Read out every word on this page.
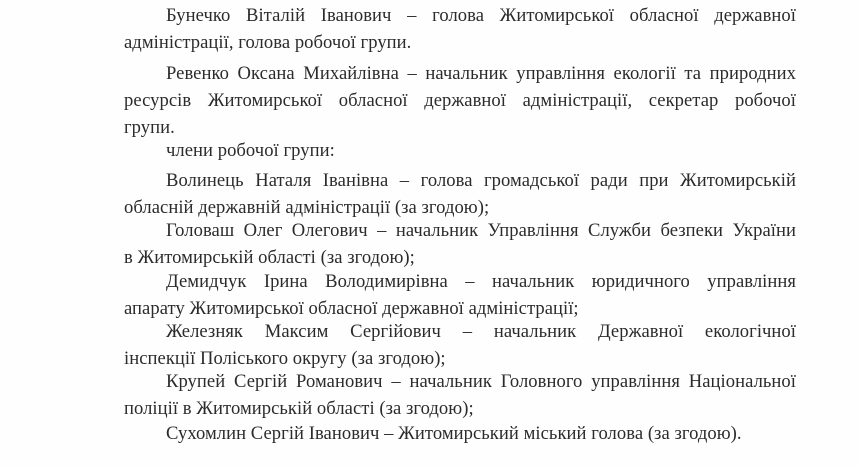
Бунечко Віталій Іванович – голова Житомирської обласної державної
адміністрації, голова робочої групи.
Ревенко Оксана Михайлівна – начальник управління екології та природних
ресурсів Житомирської обласної державної адміністрації, секретар робочої
групи.
члени робочої групи:
Волинець Наталя Іванівна – голова громадської ради при Житомирській
обласній державній адміністрації (за згодою);
Головаш Олег Олегович – начальник Управління Служби безпеки України
в Житомирській області (за згодою);
Демидчук Ірина Володимирівна – начальник юридичного управління
апарату Житомирської обласної державної адміністрації;
Железняк Максим Сергійович – начальник Державної екологічної
інспекції Поліського округу (за згодою);
Крупей Сергій Романович – начальник Головного управління Національної
поліції в Житомирській області (за згодою);
Сухомлин Сергій Іванович – Житомирський міський голова (за згодою).
